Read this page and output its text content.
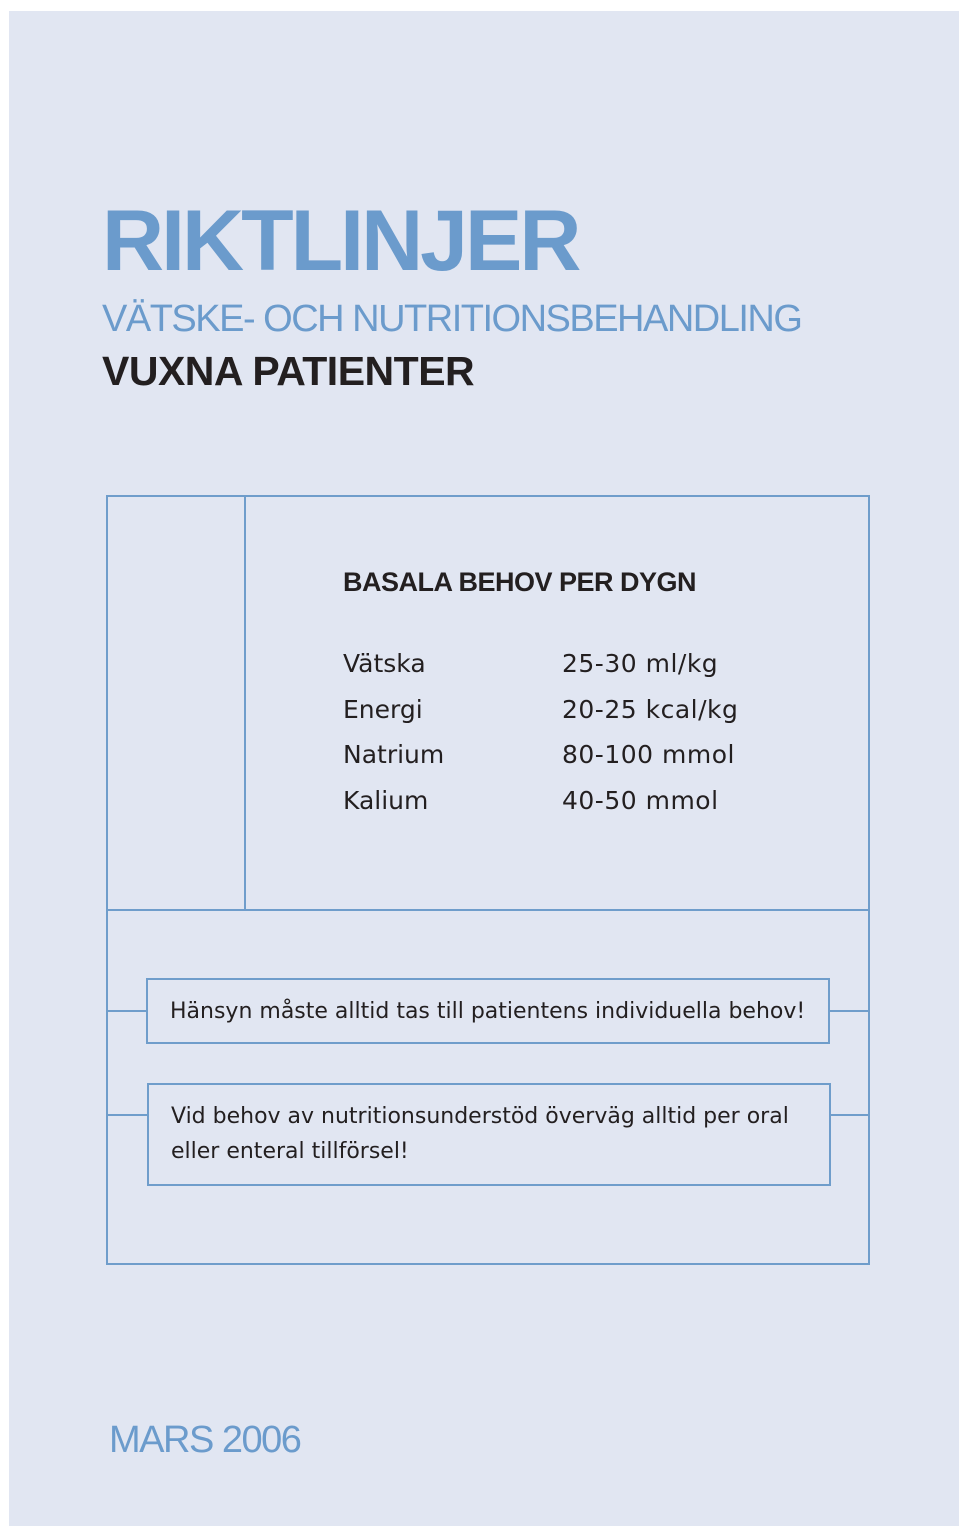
RIKTLINJER
VÄTSKE- OCH NUTRITIONSBEHANDLING
VUXNA PATIENTER
BASALA BEHOV PER DYGN
Vätska	25-30 ml/kg
Energi	20-25 kcal/kg
Natrium	80-100 mmol
Kalium	40-50 mmol
Hänsyn måste alltid tas till patientens individuella behov!
Vid behov av nutritionsunderstöd överväg alltid per oral eller enteral tillförsel!
MARS 2006
